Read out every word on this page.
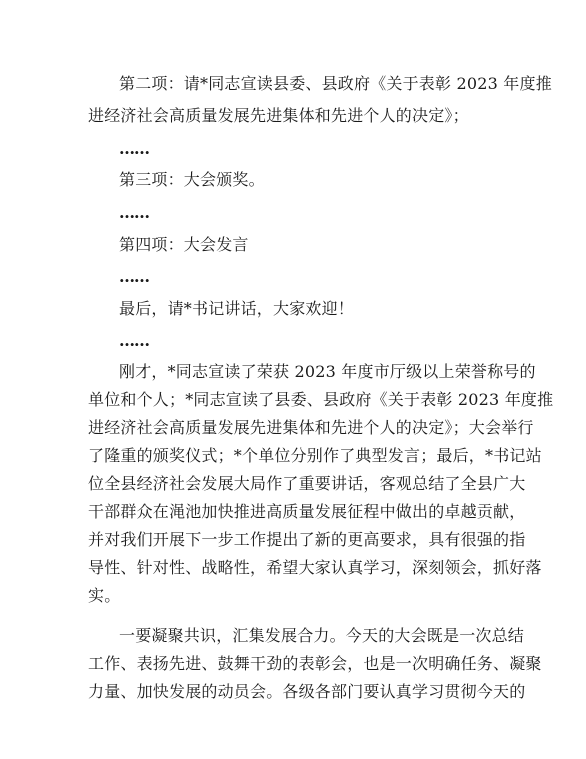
第二项：请*同志宣读县委、县政府《关于表彰 2023 年度推
进经济社会高质量发展先进集体和先进个人的决定》；
……
第三项：大会颁奖。
……
第四项：大会发言
……
最后，请*书记讲话，大家欢迎！
……
刚才，*同志宣读了荣获 2023 年度市厅级以上荣誉称号的
单位和个人；*同志宣读了县委、县政府《关于表彰 2023 年度推
进经济社会高质量发展先进集体和先进个人的决定》；大会举行
了隆重的颁奖仪式；*个单位分别作了典型发言；最后，*书记站
位全县经济社会发展大局作了重要讲话，客观总结了全县广大
干部群众在渑池加快推进高质量发展征程中做出的卓越贡献，
并对我们开展下一步工作提出了新的更高要求，具有很强的指
导性、针对性、战略性，希望大家认真学习，深刻领会，抓好落
实。
一要凝聚共识，汇集发展合力。今天的大会既是一次总结
工作、表扬先进、鼓舞干劲的表彰会，也是一次明确任务、凝聚
力量、加快发展的动员会。各级各部门要认真学习贯彻今天的
